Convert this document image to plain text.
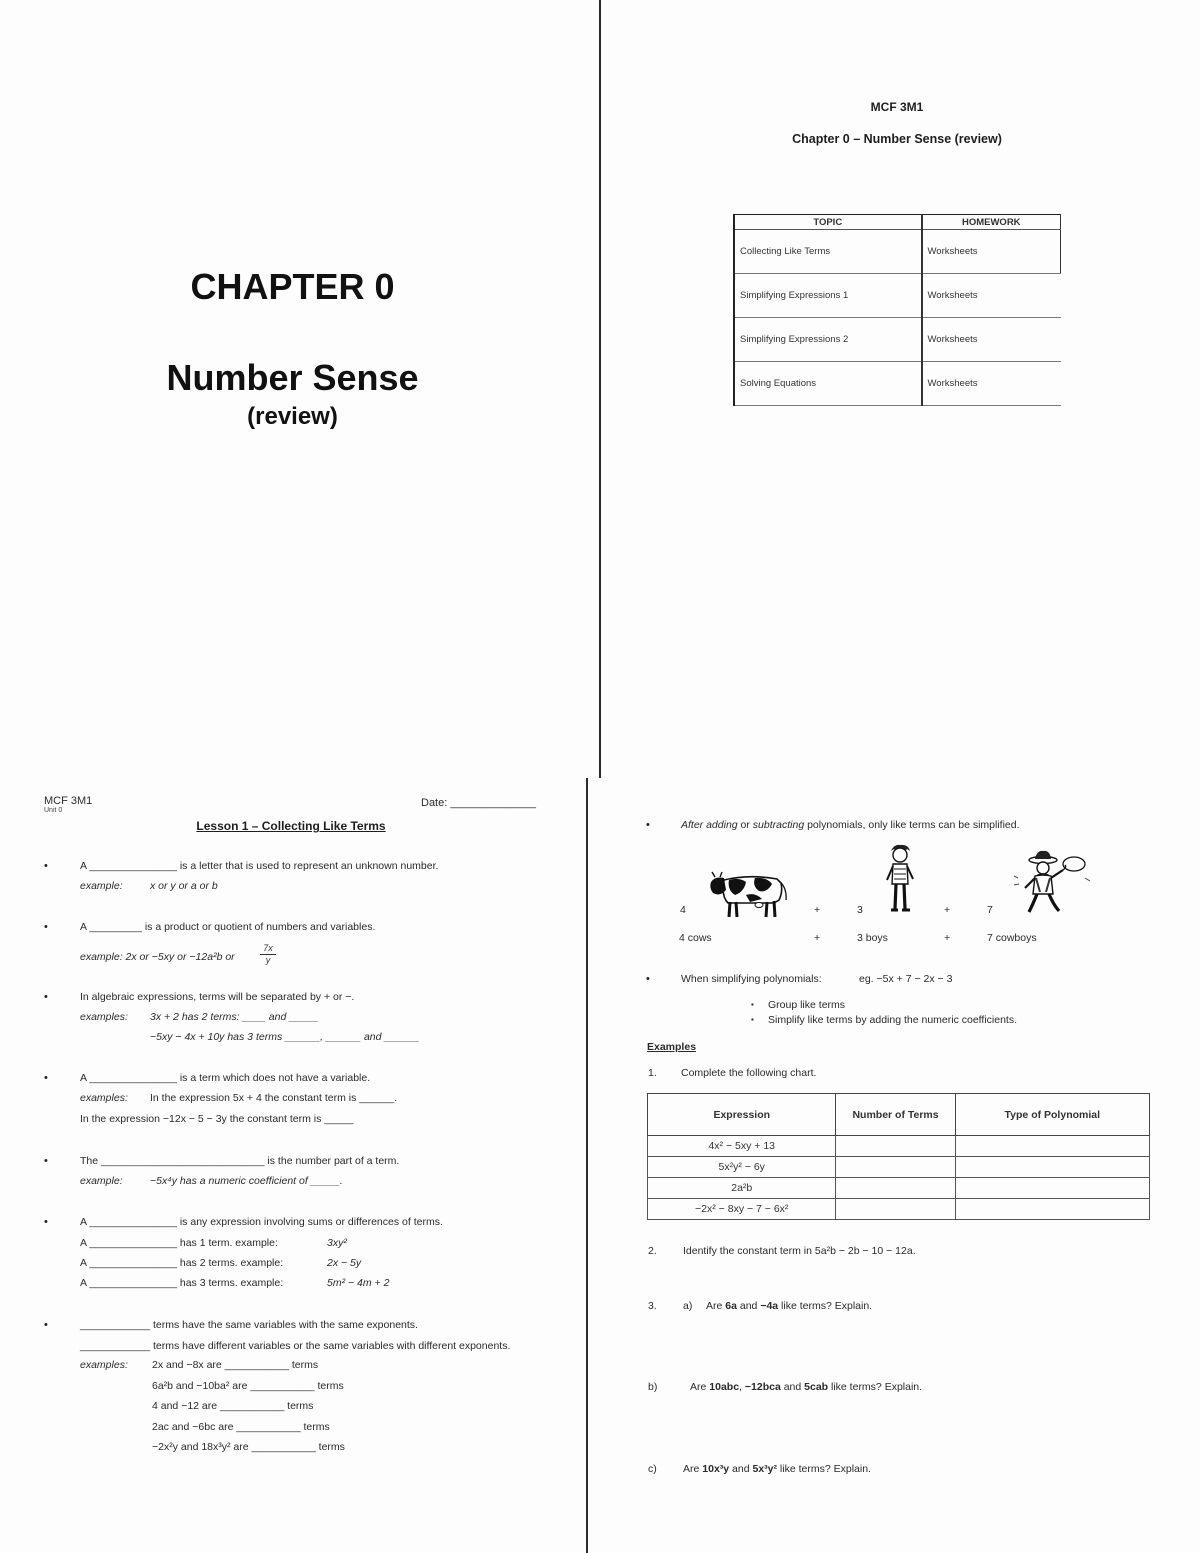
CHAPTER 0
Number Sense
(review)
MCF 3M1
Chapter 0 – Number Sense (review)
TOPIC	HOMEWORK
Collecting Like Terms	Worksheets
Simplifying Expressions 1	Worksheets
Simplifying Expressions 2	Worksheets
Solving Equations	Worksheets
MCF 3M1
Unit 0
Date: ______________
Lesson 1 – Collecting Like Terms
•	A _______________ is a letter that is used to represent an unknown number.
example:	x or y or a or b
•	A _________ is a product or quotient of numbers and variables.
example: 2x or −5xy or −12a²b or	$\frac{7x}{y}$
•	In algebraic expressions, terms will be separated by + or −.
examples: 3x + 2 has 2 terms: ____ and _____
−5xy − 4x + 10y has 3 terms ______, ______ and ______
•	A _______________ is a term which does not have a variable.
examples: In the expression 5x + 4 the constant term is ______.
In the expression −12x − 5 − 3y the constant term is _____
•	The ____________________________ is the number part of a term.
example:	−5x⁴y has a numeric coefficient of _____.
•	A _______________ is any expression involving sums or differences of terms.
A _______________ has 1 term. example:	3xy²
A _______________ has 2 terms. example:	2x − 5y
A _______________ has 3 terms. example:	5m² − 4m + 2
•	____________ terms have the same variables with the same exponents.
____________ terms have different variables or the same variables with different exponents.
examples: 2x and −8x are ___________ terms
6a²b and −10ba² are ___________ terms
4 and −12 are ___________ terms
2ac and −6bc are ___________ terms
−2x²y and 18x³y² are ___________ terms
•	After adding or subtracting polynomials, only like terms can be simplified.
4	+	3	+	7
4 cows	+	3 boys	+	7 cowboys
•	When simplifying polynomials:	eg. −5x + 7 − 2x − 3
▪ Group like terms
▪ Simplify like terms by adding the numeric coefficients.
Examples
1. Complete the following chart.
Expression	Number of Terms	Type of Polynomial
4x² − 5xy + 13		
5x²y² − 6y		
2a²b		
−2x² − 8xy − 7 − 6x²		
2. Identify the constant term in 5a²b − 2b − 10 − 12a.
3. a) Are 6a and −4a like terms? Explain.
b)	Are 10abc, −12bca and 5cab like terms? Explain.
c)	Are 10x³y and 5x³y² like terms? Explain.
